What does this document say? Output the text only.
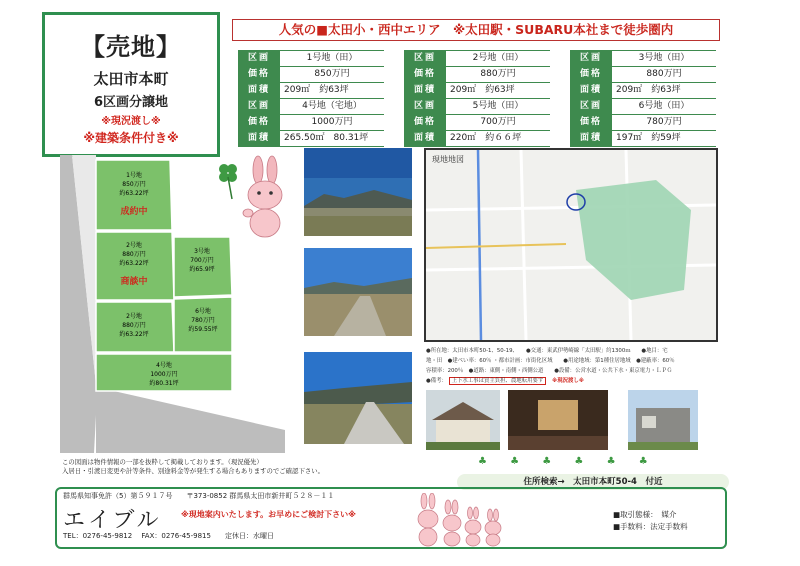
【売地】
太田市本町
6区画分譲地
※現況渡し※
※建築条件付き※
人気の■太田小・西中エリア　※太田駅・SUBARU本社まで徒歩圏内
区画	1号地（田）
価格	850万円
面積	209㎡　 約63坪
区画	2号地（田）
価格	880万円
面積	209㎡　 約63坪
区画	3号地（田）
価格	880万円
面積	209㎡　 約63坪
区画	4号地（宅地）
価格	1000万円
面積	265.50㎡　 80.31坪
区画	5号地（田）
価格	700万円
面積	220㎡　 約６６坪
区画	6号地（田）
価格	780万円
面積	197㎡　 約59坪
1号地
850万円
約63.22坪
成約中
2号地
880万円
約63.22坪
商談中
3号地
700万円
約65.9坪
2号地
880万円
約63.22坪
6号地
780万円
約59.55坪
4号地
1000万円
約80.31坪
現地地図
●所在地：太田市本町50-1、50-19、　　●交通：東武伊勢崎線「太田駅」約1300ｍ　　●地目：宅
地・田　●建ぺい率：60％ ・都市計画：市街化区域　　●用途地域：第1種住居地域　●建蔽率：60％
容積率：200％　●道路：東側・南側・西側公道　　●設備：公営水道・公共下水・東京電力・ＬＰＧ
●備考： 上下水工事は買主負担、農地転用要す ※現況渡し※
♣ ♣ ♣ ♣ ♣ ♣
この図面は物件情報の一部を抜粋して掲載しております。（現況優先）
入居日・引渡日変更や計等条件、別途料金等が発生する場合もありますのでご確認下さい。
住所検索→　太田市本町50-4　付近
群馬県知事免許（5）第５９１７号　　〒373-0852 群馬県太田市新井町５２８－１１
エイブル
TEL：0276-45-9812　 FAX：0276-45-9815　　定休日：水曜日
※現地案内いたします。お早めにご検討下さい※	■取引態様：　媒介
■手数料：法定手数料
